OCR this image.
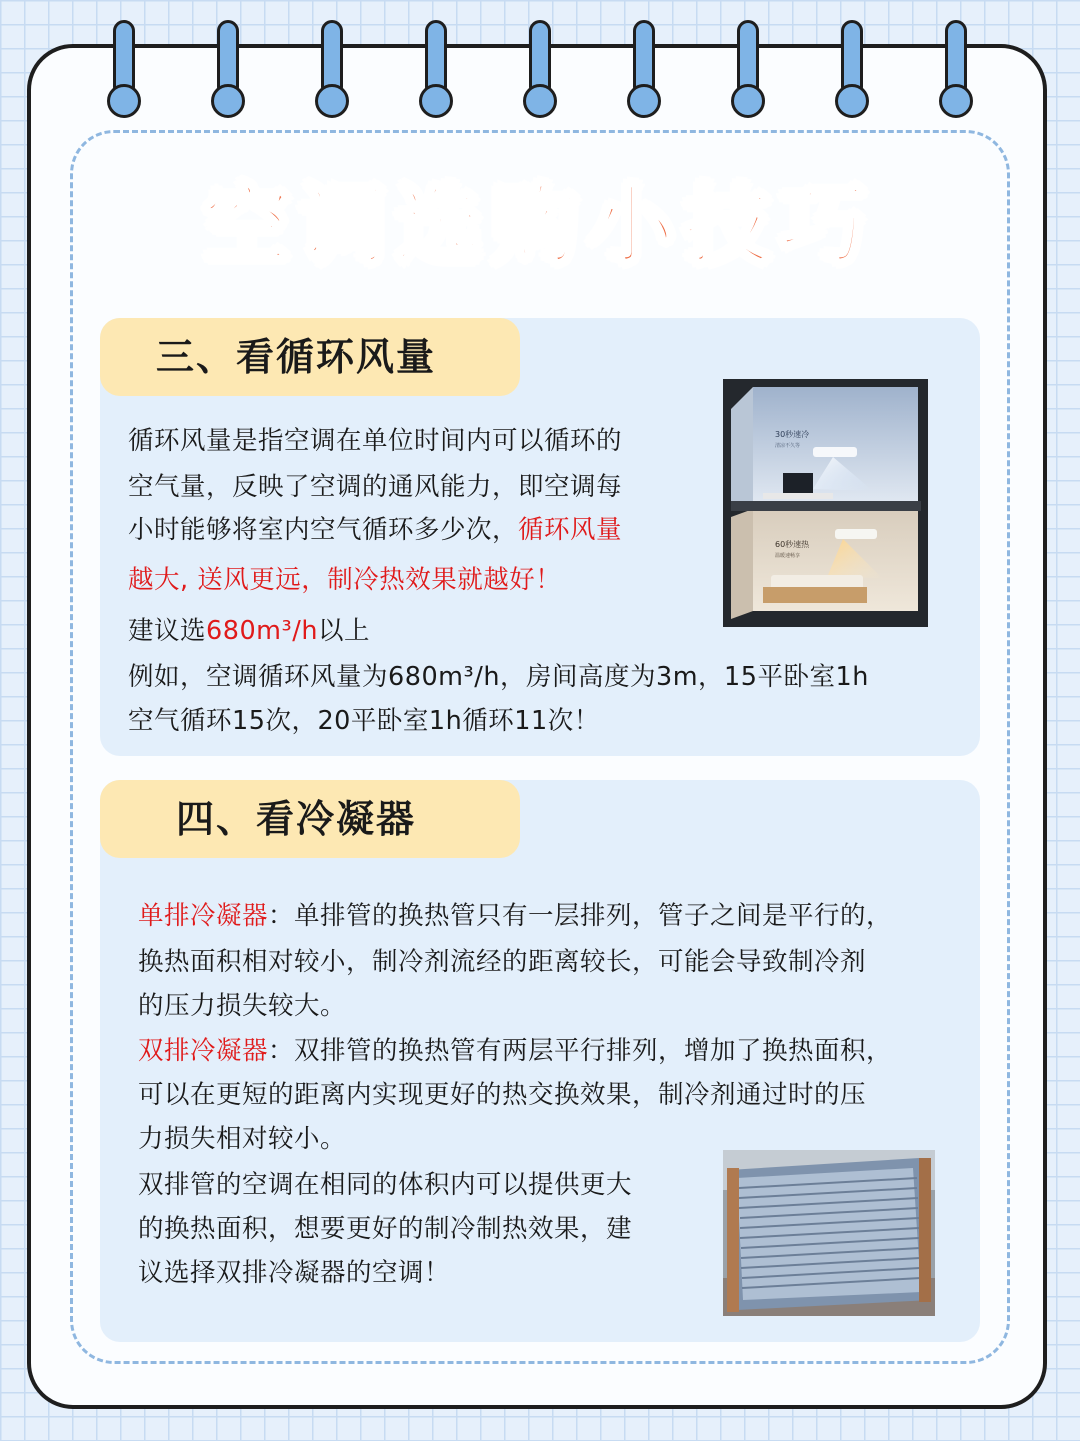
空调选购小技巧
三、看循环风量

循环风量是指空调在单位时间内可以循环的

空气量，反映了空调的通风能力，即空调每

小时能够将室内空气循环多少次，循环风量

越大, 送风更远，制冷热效果就越好！

建议选680m³/h以上

例如，空调循环风量为680m³/h，房间高度为3m，15平卧室1h

空气循环15次，20平卧室1h循环11次！

30秒速冷
清凉不久等
60秒速热
温暖速畅享
四、看冷凝器

单排冷凝器：单排管的换热管只有一层排列，管子之间是平行的，

换热面积相对较小，制冷剂流经的距离较长，可能会导致制冷剂

的压力损失较大。

双排冷凝器：双排管的换热管有两层平行排列，增加了换热面积，

可以在更短的距离内实现更好的热交换效果，制冷剂通过时的压

力损失相对较小。

双排管的空调在相同的体积内可以提供更大

的换热面积，想要更好的制冷制热效果，建

议选择双排冷凝器的空调！
